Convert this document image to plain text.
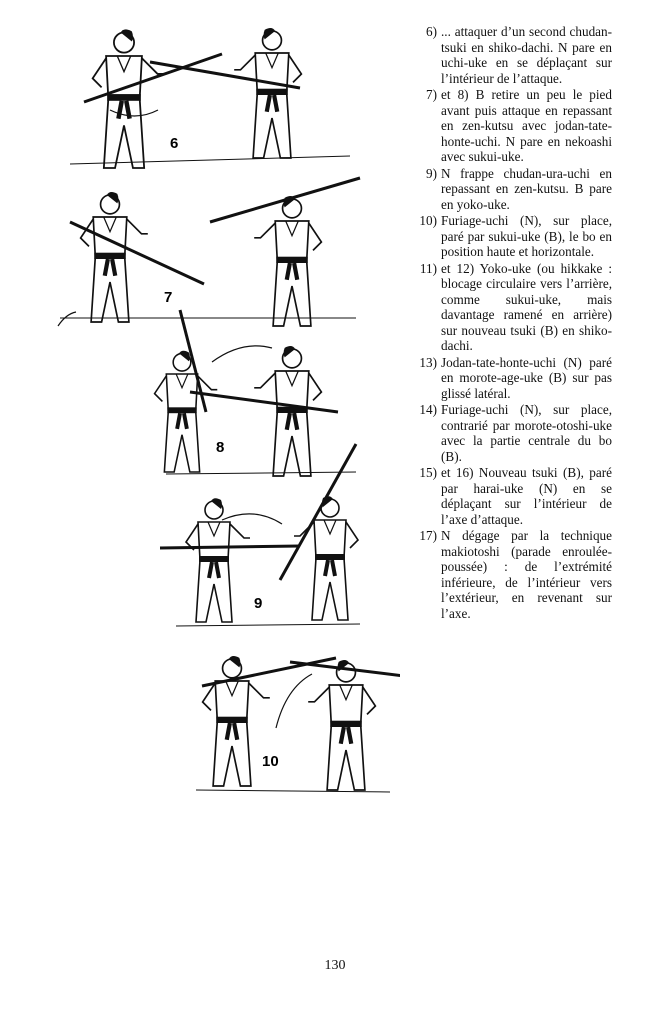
6
7
8
9
10
6) ... attaquer d’un second chudan-tsuki en shiko-dachi. N pare en uchi-uke en se déplaçant sur l’intérieur de l’attaque.
7) et 8) B retire un peu le pied avant puis attaque en repassant en zen-kutsu avec jodan-tate-honte-uchi. N pare en nekoashi avec sukui-uke.
9) N frappe chudan-ura-uchi en repassant en zen-kutsu. B pare en yoko-uke.
10) Furiage-uchi (N), sur place, paré par sukui-uke (B), le bo en position haute et horizontale.
11) et 12) Yoko-uke (ou hikkake : blocage circulaire vers l’arrière, comme sukui-uke, mais davantage ramené en arrière) sur nouveau tsuki (B) en shiko-dachi.
13) Jodan-tate-honte-uchi (N) paré en morote-age-uke (B) sur pas glissé latéral.
14) Furiage-uchi (N), sur place, contrarié par morote-otoshi-uke avec la partie centrale du bo (B).
15) et 16) Nouveau tsuki (B), paré par harai-uke (N) en se déplaçant sur l’intérieur de l’axe d’attaque.
17) N dégage par la technique makiotoshi (parade enroulée-poussée) : de l’extrémité inférieure, de l’intérieur vers l’extérieur, en revenant sur l’axe.
130
